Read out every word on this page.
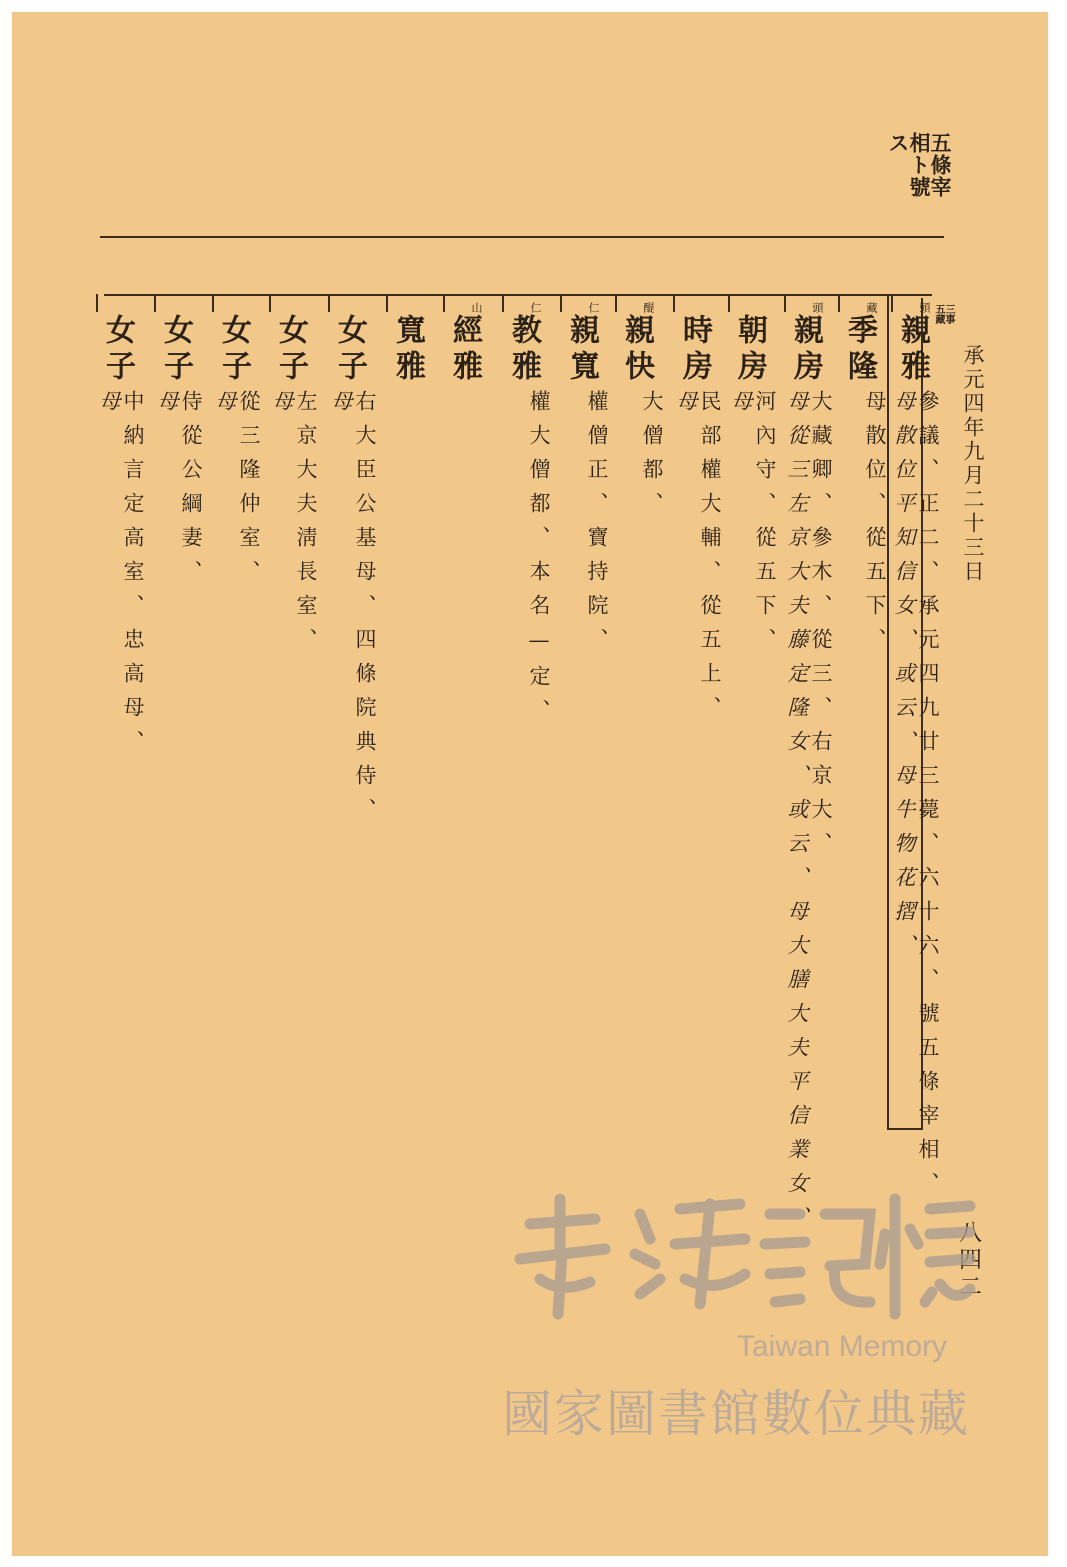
五條宰相ト號ス
承元四年九月二十三日
三事五藏
頭
親雅
參議、正二、承元四九廿三薨、六十六、號五條宰相、
母散位平知信女、或云、母牛物花摺、
藏
季隆
母散位、從五下、
頭
親房
大藏卿、參木、從三、右京大、
母從三左京大夫藤定隆女、或云、母大膳大夫平信業女、
朝房
河內守、從五下、
母
時房
民部權大輔、從五上、
母
醍
親快
大僧都、
仁
親寬
權僧正、寶持院、
仁
教雅
權大僧都、本名—定、
山
經雅
寬雅
女子
右大臣公基母、四條院典侍、
母
女子
左京大夫淸長室、
母
女子
從三隆仲室、
母
女子
侍從公綱妻、
母
女子
中納言定高室、忠高母、
母
八四二
Taiwan Memory
國家圖書館數位典藏
